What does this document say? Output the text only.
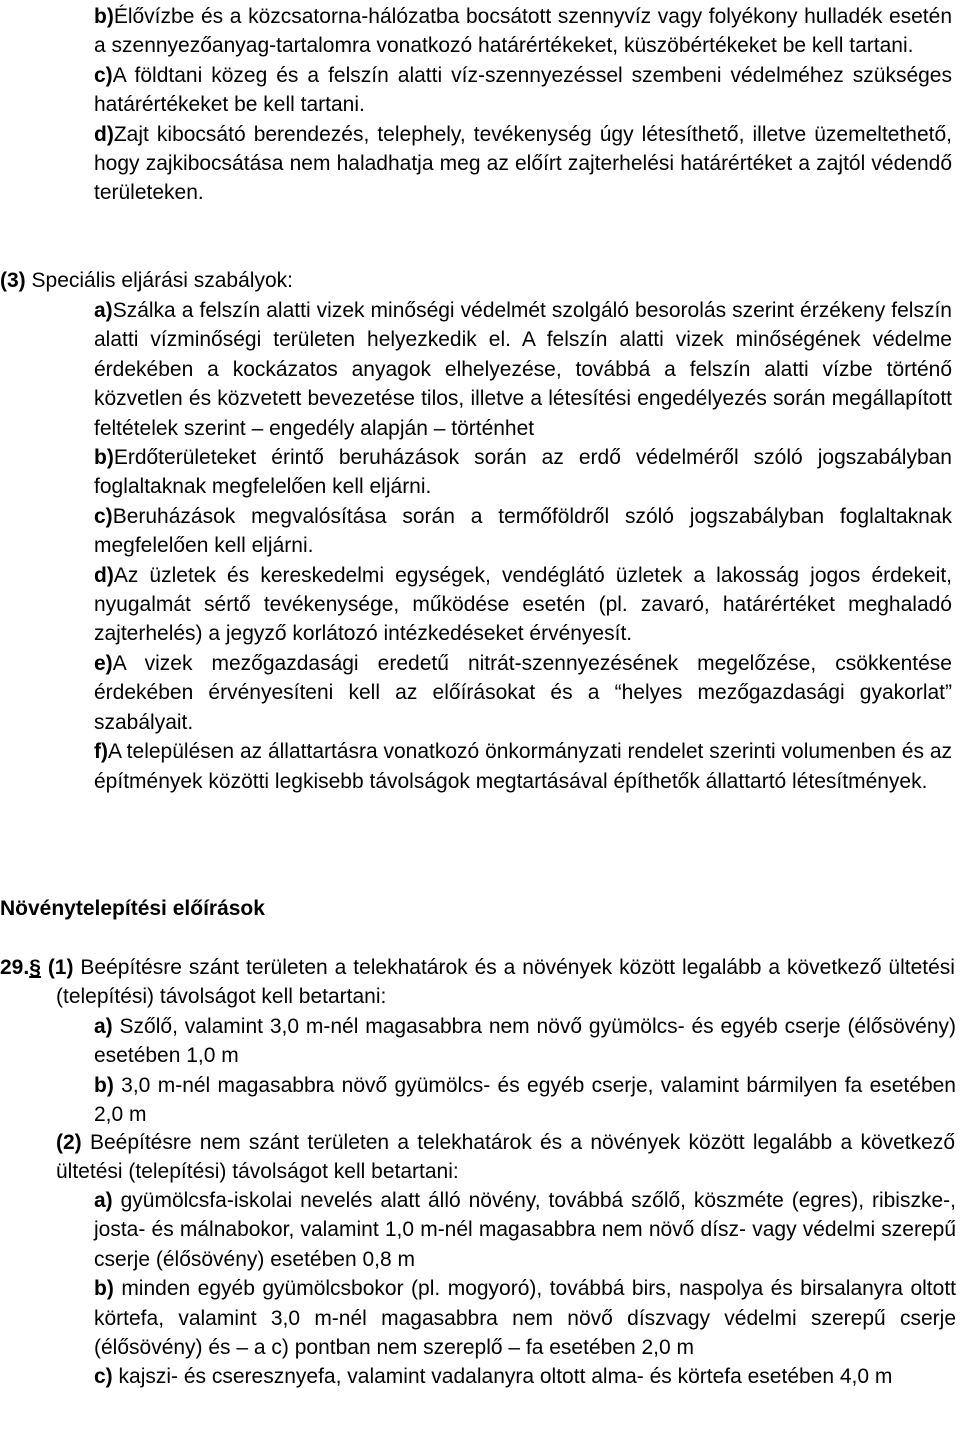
b)Élővízbe és a közcsatorna-hálózatba bocsátott szennyvíz vagy folyékony hulladék esetén a szennyezőanyag-tartalomra vonatkozó határértékeket, küszöbértékeket be kell tartani.

c)A földtani közeg és a felszín alatti víz-szennyezéssel szembeni védelméhez szükséges határértékeket be kell tartani.

d)Zajt kibocsátó berendezés, telephely, tevékenység úgy létesíthető, illetve üzemeltethető, hogy zajkibocsátása nem haladhatja meg az előírt zajterhelési határértéket a zajtól védendő területeken.

(3) Speciális eljárási szabályok:

a)Szálka a felszín alatti vizek minőségi védelmét szolgáló besorolás szerint érzékeny felszín alatti vízminőségi területen helyezkedik el. A felszín alatti vizek minőségének védelme érdekében a kockázatos anyagok elhelyezése, továbbá a felszín alatti vízbe történő közvetlen és közvetett bevezetése tilos, illetve a létesítési engedélyezés során megállapított feltételek szerint – engedély alapján – történhet

b)Erdőterületeket érintő beruházások során az erdő védelméről szóló jogszabályban foglaltaknak megfelelően kell eljárni.

c)Beruházások megvalósítása során a termőföldről szóló jogszabályban foglaltaknak megfelelően kell eljárni.

d)Az üzletek és kereskedelmi egységek, vendéglátó üzletek a lakosság jogos érdekeit, nyugalmát sértő tevékenysége, működése esetén (pl. zavaró, határértéket meghaladó zajterhelés) a jegyző korlátozó intézkedéseket érvényesít.

e)A vizek mezőgazdasági eredetű nitrát-szennyezésének megelőzése, csökkentése érdekében érvényesíteni kell az előírásokat és a “helyes mezőgazdasági gyakorlat” szabályait.

f)A településen az állattartásra vonatkozó önkormányzati rendelet szerinti volumenben és az építmények közötti legkisebb távolságok megtartásával építhetők állattartó létesítmények.

Növénytelepítési előírások

29.§ (1) Beépítésre szánt területen a telekhatárok és a növények között legalább a következő ültetési (telepítési) távolságot kell betartani:

a) Szőlő, valamint 3,0 m-nél magasabbra nem növő gyümölcs- és egyéb cserje (élősövény) esetében 1,0 m

b) 3,0 m-nél magasabbra növő gyümölcs- és egyéb cserje, valamint bármilyen fa esetében 2,0 m

(2) Beépítésre nem szánt területen a telekhatárok és a növények között legalább a következő ültetési (telepítési) távolságot kell betartani:

a) gyümölcsfa-iskolai nevelés alatt álló növény, továbbá szőlő, köszméte (egres), ribiszke-, josta- és málnabokor, valamint 1,0 m-nél magasabbra nem növő dísz- vagy védelmi szerepű cserje (élősövény) esetében 0,8 m

b) minden egyéb gyümölcsbokor (pl. mogyoró), továbbá birs, naspolya és birsalanyra oltott körtefa, valamint 3,0 m-nél magasabbra nem növő díszvagy védelmi szerepű cserje (élősövény) és – a c) pontban nem szereplő – fa esetében 2,0 m

c) kajszi- és cseresznyefa, valamint vadalanyra oltott alma- és körtefa esetében 4,0 m
